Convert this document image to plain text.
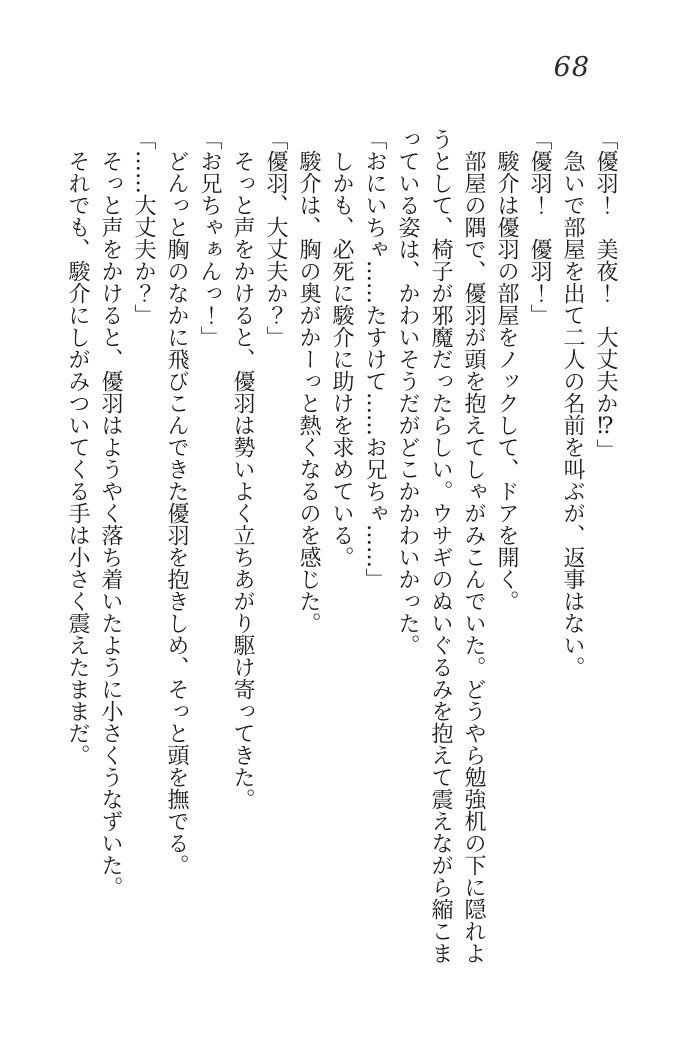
68

「優羽！　美夜！　大丈夫か⁉」

　急いで部屋を出て二人の名前を叫ぶが、返事はない。

「優羽！　優羽！」

　駿介は優羽の部屋をノックして、ドアを開く。

　部屋の隅で、優羽が頭を抱えてしゃがみこんでいた。どうやら勉強机の下に隠れよ

うとして、椅子が邪魔だったらしい。ウサギのぬいぐるみを抱えて震えながら縮こま

っている姿は、かわいそうだがどこかかわいかった。

「おにいちゃ……たすけて……お兄ちゃ……」

　しかも、必死に駿介に助けを求めている。

　駿介は、胸の奥がかーっと熱くなるのを感じた。

「優羽、大丈夫か？」

　そっと声をかけると、優羽は勢いよく立ちあがり駆け寄ってきた。

「お兄ちゃぁんっ！」

　どんっと胸のなかに飛びこんできた優羽を抱きしめ、そっと頭を撫でる。

「……大丈夫か？」

　そっと声をかけると、優羽はようやく落ち着いたように小さくうなずいた。

　それでも、駿介にしがみついてくる手は小さく震えたままだ。
